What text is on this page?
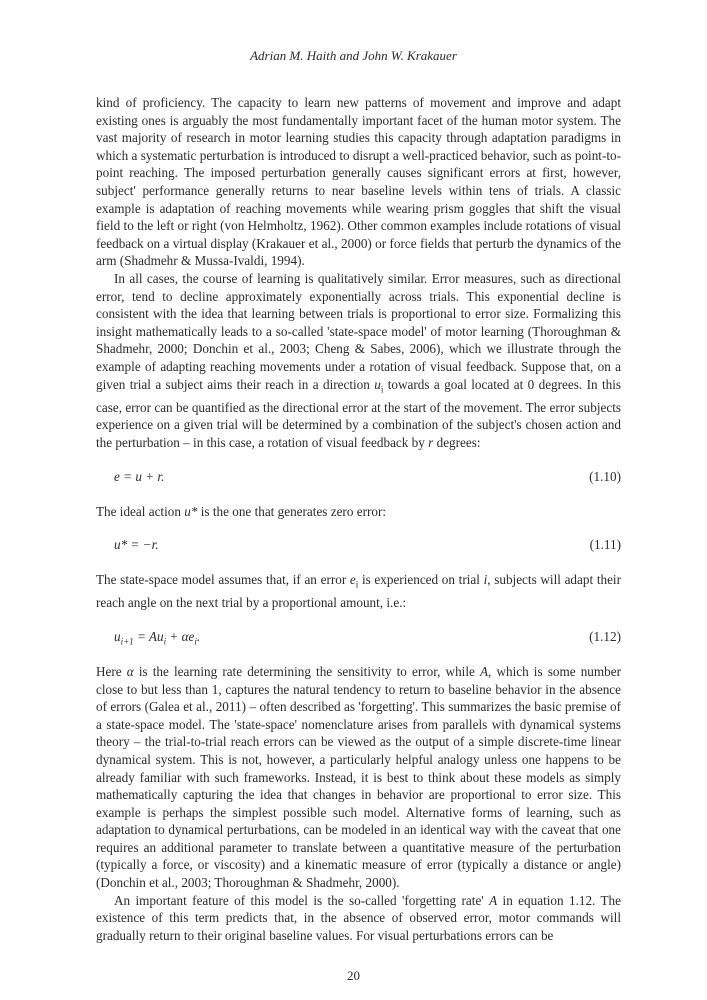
Adrian M. Haith and John W. Krakauer

kind of proficiency. The capacity to learn new patterns of movement and improve and adapt existing ones is arguably the most fundamentally important facet of the human motor system. The vast majority of research in motor learning studies this capacity through adaptation paradigms in which a systematic perturbation is introduced to disrupt a well-practiced behavior, such as point-to-point reaching. The imposed perturbation generally causes significant errors at first, however, subject' performance generally returns to near baseline levels within tens of trials. A classic example is adaptation of reaching movements while wearing prism goggles that shift the visual field to the left or right (von Helmholtz, 1962). Other common examples include rotations of visual feedback on a virtual display (Krakauer et al., 2000) or force fields that perturb the dynamics of the arm (Shadmehr & Mussa-Ivaldi, 1994).

In all cases, the course of learning is qualitatively similar. Error measures, such as directional error, tend to decline approximately exponentially across trials. This exponential decline is consistent with the idea that learning between trials is proportional to error size. Formalizing this insight mathematically leads to a so-called 'state-space model' of motor learning (Thoroughman & Shadmehr, 2000; Donchin et al., 2003; Cheng & Sabes, 2006), which we illustrate through the example of adapting reaching movements under a rotation of visual feedback. Suppose that, on a given trial a subject aims their reach in a direction $u_i$ towards a goal located at 0 degrees. In this case, error can be quantified as the directional error at the start of the movement. The error subjects experience on a given trial will be determined by a combination of the subject's chosen action and the perturbation – in this case, a rotation of visual feedback by r degrees:

e = u + r.	(1.10)

The ideal action u* is the one that generates zero error:

u* = −r.	(1.11)

The state-space model assumes that, if an error $e_i$ is experienced on trial i, subjects will adapt their reach angle on the next trial by a proportional amount, i.e.:

$u_{i+1} = Au_i + \alpha e_i$.	(1.12)

Here α is the learning rate determining the sensitivity to error, while A, which is some number close to but less than 1, captures the natural tendency to return to baseline behavior in the absence of errors (Galea et al., 2011) – often described as 'forgetting'. This summarizes the basic premise of a state-space model. The 'state-space' nomenclature arises from parallels with dynamical systems theory – the trial-to-trial reach errors can be viewed as the output of a simple discrete-time linear dynamical system. This is not, however, a particularly helpful analogy unless one happens to be already familiar with such frameworks. Instead, it is best to think about these models as simply mathematically capturing the idea that changes in behavior are proportional to error size. This example is perhaps the simplest possible such model. Alternative forms of learning, such as adaptation to dynamical perturbations, can be modeled in an identical way with the caveat that one requires an additional parameter to translate between a quantitative measure of the perturbation (typically a force, or viscosity) and a kinematic measure of error (typically a distance or angle) (Donchin et al., 2003; Thoroughman & Shadmehr, 2000).

An important feature of this model is the so-called 'forgetting rate' A in equation 1.12. The existence of this term predicts that, in the absence of observed error, motor commands will gradually return to their original baseline values. For visual perturbations errors can be

20
